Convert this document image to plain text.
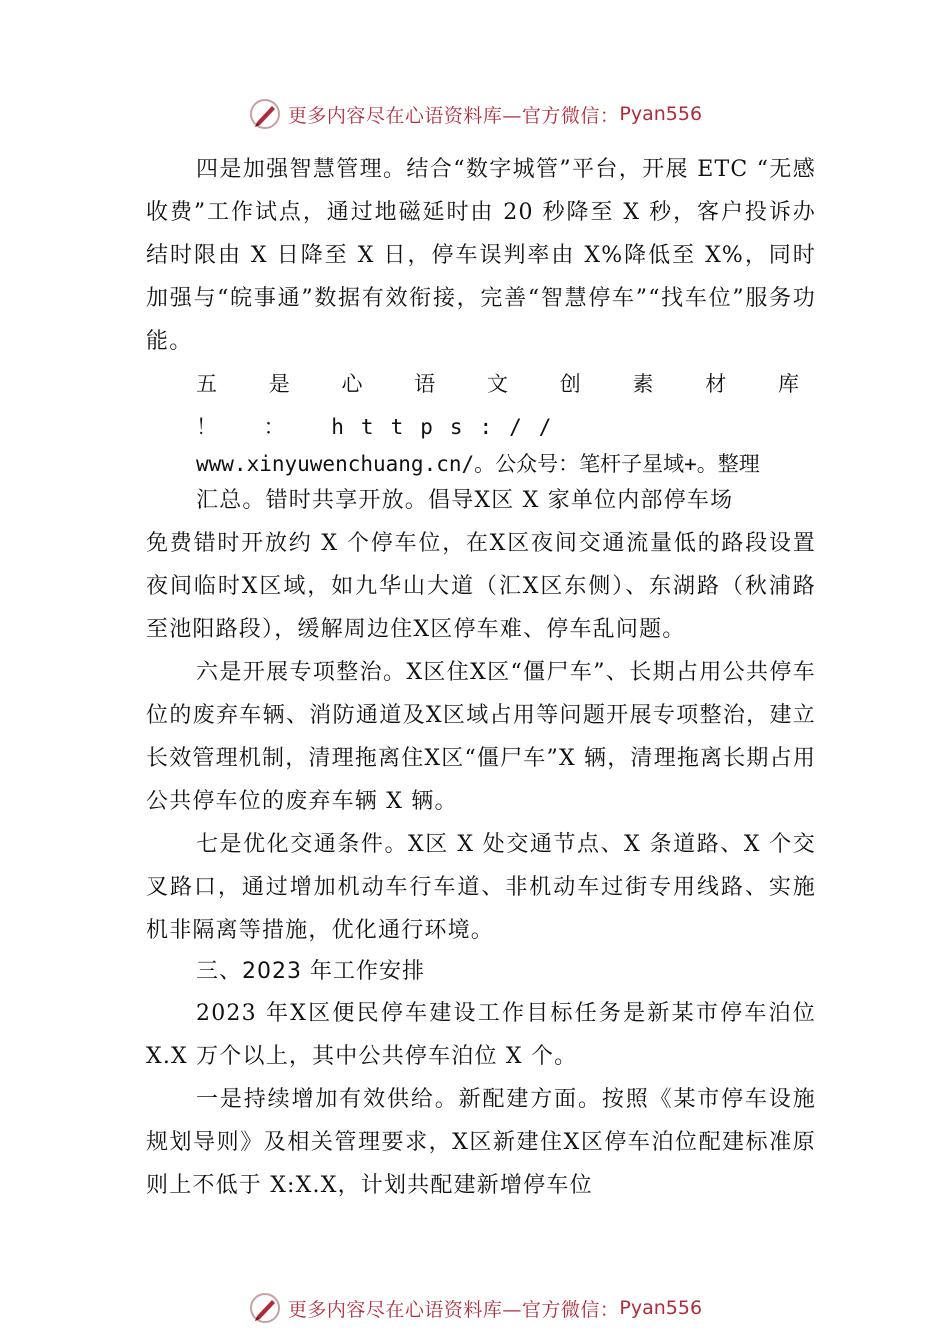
更多内容尽在心语资料库—官方微信： Pyan556

四是加强智慧管理。结合“数字城管”平台，开展 ETC “无感收费”工作试点，通过地磁延时由 20 秒降至 X 秒，客户投诉办结时限由 X 日降至 X 日，停车误判率由 X%降低至 X%，同时加强与“皖事通”数据有效衔接，完善“智慧停车”“找车位”服务功能。

五 是 心 语 文 创 素 材 库 ！ ： https://

www.xinyuwenchuang.cn/。公众号：笔杆子星域+。整理

汇总。错时共享开放。倡导X区 X 家单位内部停车场

免费错时开放约 X 个停车位，在X区夜间交通流量低的路段设置夜间临时X区域，如九华山大道（汇X区东侧）、东湖路（秋浦路至池阳路段），缓解周边住X区停车难、停车乱问题。

六是开展专项整治。X区住X区“僵尸车”、长期占用公共停车位的废弃车辆、消防通道及X区域占用等问题开展专项整治，建立长效管理机制，清理拖离住X区“僵尸车”X 辆，清理拖离长期占用公共停车位的废弃车辆 X 辆。

七是优化交通条件。X区 X 处交通节点、X 条道路、X 个交叉路口，通过增加机动车行车道、非机动车过街专用线路、实施机非隔离等措施，优化通行环境。

三、2023 年工作安排

2023 年X区便民停车建设工作目标任务是新某市停车泊位 X.X 万个以上，其中公共停车泊位 X 个。

一是持续增加有效供给。新配建方面。按照《某市停车设施规划导则》及相关管理要求，X区新建住X区停车泊位配建标准原则上不低于 X:X.X，计划共配建新增停车位

更多内容尽在心语资料库—官方微信： Pyan556
